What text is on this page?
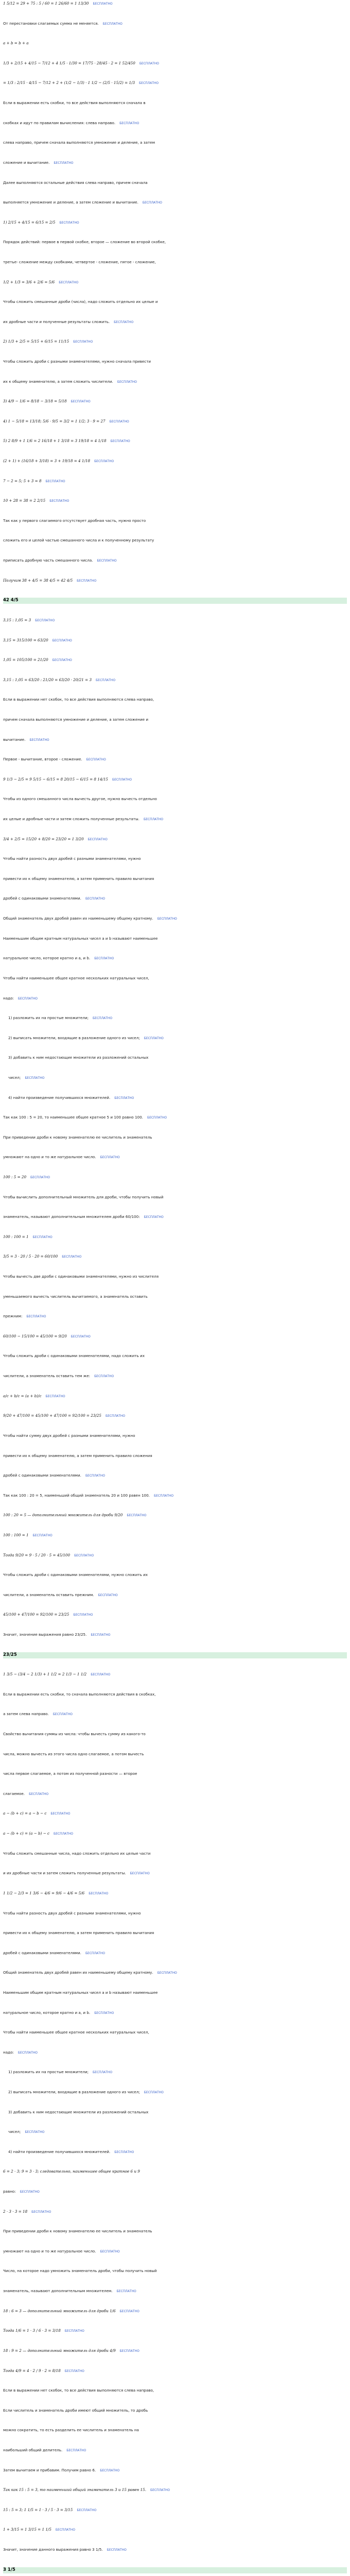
1 5/12 = 29 + 75 : 5 / 60 = 1 26/60 = 1 13/30 БЕСПЛАТНО
От перестановки слагаемых сумма не меняется. БЕСПЛАТНО
a + b = b + a
1/3 + 2/15 + 4/15 − 7/12 + 4 1/5 · 1/30 = 17/75 · 28/45 · 2 = 1 52/450 БЕСПЛАТНО
= 1/3 : 2/15 · 4/15 − 7/12 + 2 + (1/2 − 1/3) · 1 1/2 − (2/5 · 15/2) = 1/3 БЕСПЛАТНО
Если в выражении есть скобки, то все действия выполняются сначала в
скобках и идут по правилам вычисления: слева направо. БЕСПЛАТНО
слева направо, причем сначала выполняются умножение и деление, а затем
сложение и вычитание. БЕСПЛАТНО
Далее выполняются остальные действия слева направо, причем сначала
выполняется умножение и деление, а затем сложение и вычитание. БЕСПЛАТНО
1) 2/15 + 4/15 = 6/15 = 2/5 БЕСПЛАТНО
Порядок действий: первое в первой скобке, второе — сложение во второй скобке,
третье- сложение между скобками, четвертое - сложение, пятое - сложение,
1/2 + 1/3 = 3/6 + 2/6 = 5/6 БЕСПЛАТНО
Чтобы сложить смешанные дроби (числа), надо сложить отдельно их целые и
их дробные части и полученные результаты сложить. БЕСПЛАТНО
2) 1/3 + 2/5 = 5/15 + 6/15 = 11/15 БЕСПЛАТНО
Чтобы сложить дроби с разными знаменателями, нужно сначала привести
их к общему знаменателю, а затем сложить числители. БЕСПЛАТНО
3) 4/9 − 1/6 = 8/18 − 3/18 = 5/18 БЕСПЛАТНО
4) 1 − 5/18 = 13/18; 5/6 · 9/5 = 3/2 = 1 1/2; 3 · 9 = 27 БЕСПЛАТНО
5) 2 8/9 + 1 1/6 = 2 16/18 + 1 3/18 = 3 19/18 = 4 1/18 БЕСПЛАТНО
(2 + 1) + (16/18 + 3/18) = 3 + 19/18 = 4 1/18 БЕСПЛАТНО
7 − 2 = 5; 5 + 3 = 8 БЕСПЛАТНО
10 + 28 = 38 = 2 2/15 БЕСПЛАТНО
Так как у первого слагаемого отсутствует дробная часть, нужно просто
сложить его и целой частью смешанного числа и к полученному результату
приписать дробную часть смешанного числа. БЕСПЛАТНО
Получим 38 + 4/5 = 38 4/5 = 42 4/5 БЕСПЛАТНО
42 4/5
3,15 : 1,05 = 3 БЕСПЛАТНО
3,15 = 315/100 = 63/20 БЕСПЛАТНО
1,05 = 105/100 = 21/20 БЕСПЛАТНО
3,15 : 1,05 = 63/20 : 21/20 = 63/20 · 20/21 = 3 БЕСПЛАТНО
Если в выражении нет скобок, то все действия выполняются слева направо,
причем сначала выполняются умножение и деление, а затем сложение и
вычитание. БЕСПЛАТНО
Первое - вычитание, второе - сложение. БЕСПЛАТНО
9 1/3 − 2/5 = 9 5/15 − 6/15 = 8 20/15 − 6/15 = 8 14/15 БЕСПЛАТНО
Чтобы из одного смешанного числа вычесть другое, нужно вычесть отдельно
их целые и дробные части и затем сложить полученные результаты. БЕСПЛАТНО
3/4 + 2/5 = 15/20 + 8/20 = 23/20 = 1 3/20 БЕСПЛАТНО
Чтобы найти разность двух дробей с разными знаменателями, нужно
привести их к общему знаменателю, а затем применить правило вычитания
дробей с одинаковыми знаменателями. БЕСПЛАТНО
Общий знаменатель двух дробей равен их наименьшему общему кратному. БЕСПЛАТНО
Наименьшим общим кратным натуральных чисел a и b называют наименьшее
натуральное число, которое кратно и a, и b. БЕСПЛАТНО
Чтобы найти наименьшее общее кратное нескольких натуральных чисел,
надо: БЕСПЛАТНО
1) разложить их на простые множители; БЕСПЛАТНО
2) выписать множители, входящие в разложение одного из чисел; БЕСПЛАТНО
3) добавить к ним недостающие множители из разложений остальных
чисел; БЕСПЛАТНО
4) найти произведение получившихся множителей. БЕСПЛАТНО
Так как 100 : 5 = 20, то наименьшее общее кратное 5 и 100 равно 100. БЕСПЛАТНО
При приведении дроби к новому знаменателю ее числитель и знаменатель
умножают на одно и то же натуральное число. БЕСПЛАТНО
100 : 5 = 20 БЕСПЛАТНО
Чтобы вычислить дополнительный множитель для дроби, чтобы получить новый
знаменатель, называют дополнительным множителем дроби 60/100: БЕСПЛАТНО
100 : 100 = 1 БЕСПЛАТНО
3/5 = 3 · 20 / 5 · 20 = 60/100 БЕСПЛАТНО
Чтобы вычесть две дроби с одинаковыми знаменателями, нужно из числителя
уменьшаемого вычесть числитель вычитаемого, а знаменатель оставить
прежним: БЕСПЛАТНО
60/100 − 15/100 = 45/100 = 9/20 БЕСПЛАТНО
Чтобы сложить дроби с одинаковыми знаменателями, надо сложить их
числители, а знаменатель оставить тем же: БЕСПЛАТНО
a/c + b/c = (a + b)/c БЕСПЛАТНО
9/20 + 47/100 = 45/100 + 47/100 = 92/100 = 23/25 БЕСПЛАТНО
Чтобы найти сумму двух дробей с разными знаменателями, нужно
привести их к общему знаменателю, а затем применить правило сложения
дробей с одинаковыми знаменателями. БЕСПЛАТНО
Так как 100 : 20 = 5, наименьший общий знаменатель 20 и 100 равен 100. БЕСПЛАТНО
100 : 20 = 5 — дополнительный множитель для дроби 9/20 БЕСПЛАТНО
100 : 100 = 1 БЕСПЛАТНО
Тогда 9/20 = 9 · 5 / 20 · 5 = 45/100 БЕСПЛАТНО
Чтобы сложить дроби с одинаковыми знаменателями, нужно сложить их
числители, а знаменатель оставить прежним. БЕСПЛАТНО
45/100 + 47/100 = 92/100 = 23/25 БЕСПЛАТНО
Значит, значение выражения равно 23/25. БЕСПЛАТНО
23/25
1 3/5 − (3/4 − 2 1/3) + 1 1/2 = 2 1/3 − 1 1/2 БЕСПЛАТНО
Если в выражении есть скобки, то сначала выполняются действия в скобках,
а затем слева направо. БЕСПЛАТНО
Свойство вычитания суммы из числа: чтобы вычесть сумму из какого-то
числа, можно вычесть из этого числа одно слагаемое, а потом вычесть
числа первое слагаемое, а потом из полученной разности — второе
слагаемое. БЕСПЛАТНО
a − (b + c) = a − b − c БЕСПЛАТНО
a − (b + c) = (a − b) − c БЕСПЛАТНО
Чтобы сложить смешанные числа, надо сложить отдельно их целые части
и их дробные части и затем сложить полученные результаты. БЕСПЛАТНО
1 1/2 − 2/3 = 1 3/6 − 4/6 = 9/6 − 4/6 = 5/6 БЕСПЛАТНО
Чтобы найти разность двух дробей с разными знаменателями, нужно
привести их к общему знаменателю, а затем применить правило вычитания
дробей с одинаковыми знаменателями. БЕСПЛАТНО
Общий знаменатель двух дробей равен их наименьшему общему кратному. БЕСПЛАТНО
Наименьшим общим кратным натуральных чисел a и b называют наименьшее
натуральное число, которое кратно и a, и b. БЕСПЛАТНО
Чтобы найти наименьшее общее кратное нескольких натуральных чисел,
надо: БЕСПЛАТНО
1) разложить их на простые множители; БЕСПЛАТНО
2) выписать множители, входящие в разложение одного из чисел; БЕСПЛАТНО
3) добавить к ним недостающие множители из разложений остальных
чисел; БЕСПЛАТНО
4) найти произведение получившихся множителей. БЕСПЛАТНО
6 = 2 · 3; 9 = 3 · 3; следовательно, наименьшее общее кратное 6 и 9
равно: БЕСПЛАТНО
2 · 3 · 3 = 18 БЕСПЛАТНО
При приведении дроби к новому знаменателю ее числитель и знаменатель
умножают на одно и то же натуральное число. БЕСПЛАТНО
Число, на которое надо умножить знаменатель дроби, чтобы получить новый
знаменатель, называют дополнительным множителем. БЕСПЛАТНО
18 : 6 = 3 — дополнительный множитель для дроби 1/6 БЕСПЛАТНО
Тогда 1/6 = 1 · 3 / 6 · 3 = 3/18 БЕСПЛАТНО
18 : 9 = 2 — дополнительный множитель для дроби 4/9 БЕСПЛАТНО
Тогда 4/9 = 4 · 2 / 9 · 2 = 8/18 БЕСПЛАТНО
Если в выражении нет скобок, то все действия выполняются слева направо,
Если числитель и знаменатель дроби имеют общий множитель, то дробь
можно сократить, то есть разделить ее числитель и знаменатель на
наибольший общий делитель. БЕСПЛАТНО
Затем вычитаем и прибавим. Получим равно 6. БЕСПЛАТНО
Так как 15 : 5 = 3, то наименьший общий знаменатель 3 и 15 равен 15. БЕСПЛАТНО
15 : 5 = 3; 1 1/5 = 1 · 3 / 5 · 3 = 3/15 БЕСПЛАТНО
1 + 3/15 = 1 3/15 = 1 1/5 БЕСПЛАТНО
Значит, значение данного выражения равно 3 1/5. БЕСПЛАТНО
3 1/5
